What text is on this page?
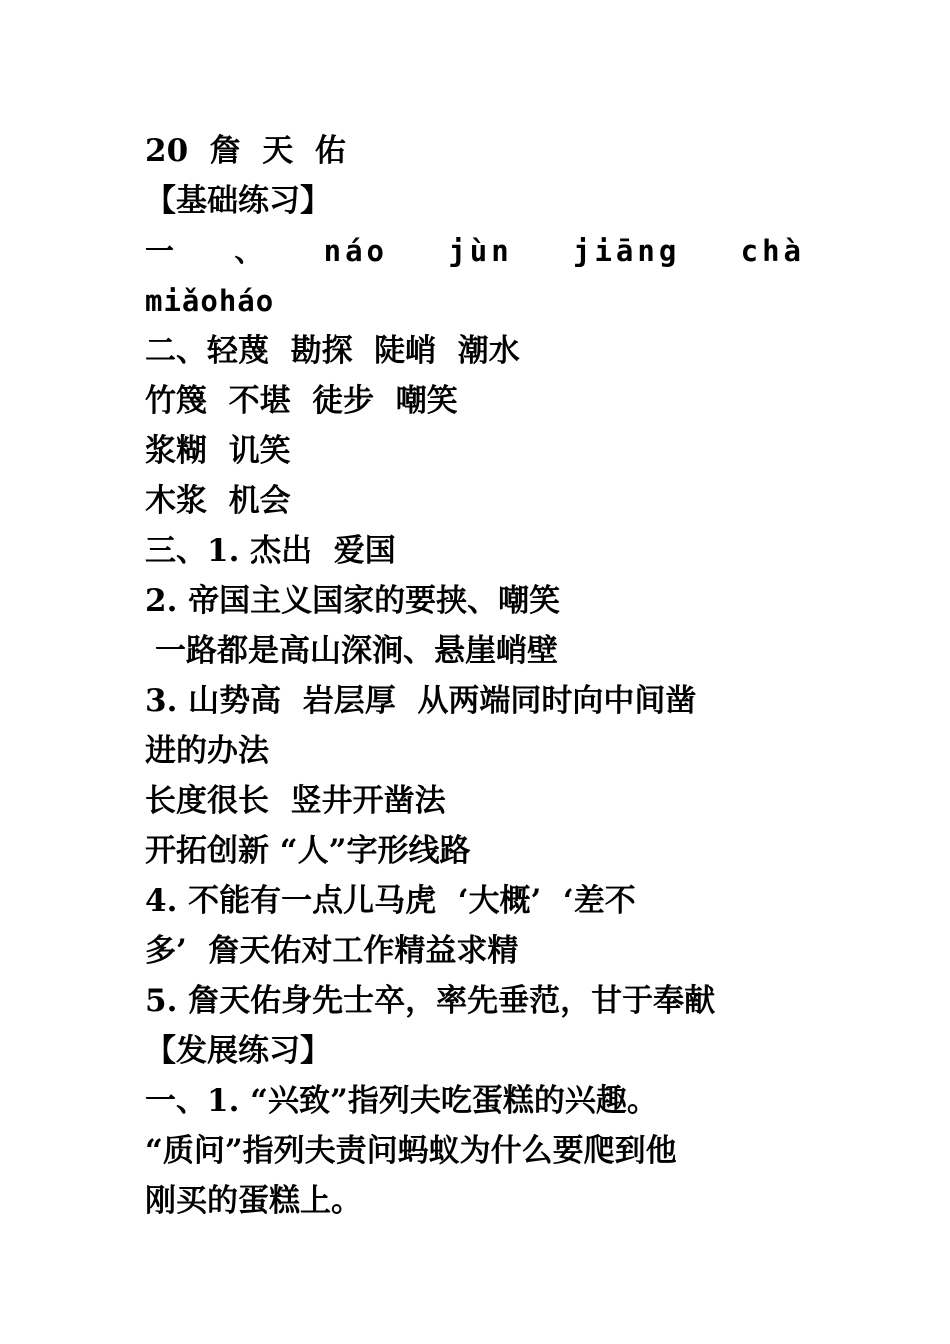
20  詹  天  佑
【基础练习】
一 、 náo jùn jiāng chà
miǎoháo
二、轻蔑  勘探  陡峭  潮水
竹篾  不堪  徒步  嘲笑
浆糊  讥笑
木浆  机会
三、1. 杰出  爱国
2. 帝国主义国家的要挟、嘲笑
一路都是高山深涧、悬崖峭壁
3. 山势高  岩层厚  从两端同时向中间凿
进的办法
长度很长  竖井开凿法
开拓创新 “人”字形线路
4. 不能有一点儿马虎  ‘大概’  ‘差不
多’  詹天佑对工作精益求精
5. 詹天佑身先士卒，率先垂范，甘于奉献
【发展练习】
一、1. “兴致”指列夫吃蛋糕的兴趣。
“质问”指列夫责问蚂蚁为什么要爬到他
刚买的蛋糕上。
